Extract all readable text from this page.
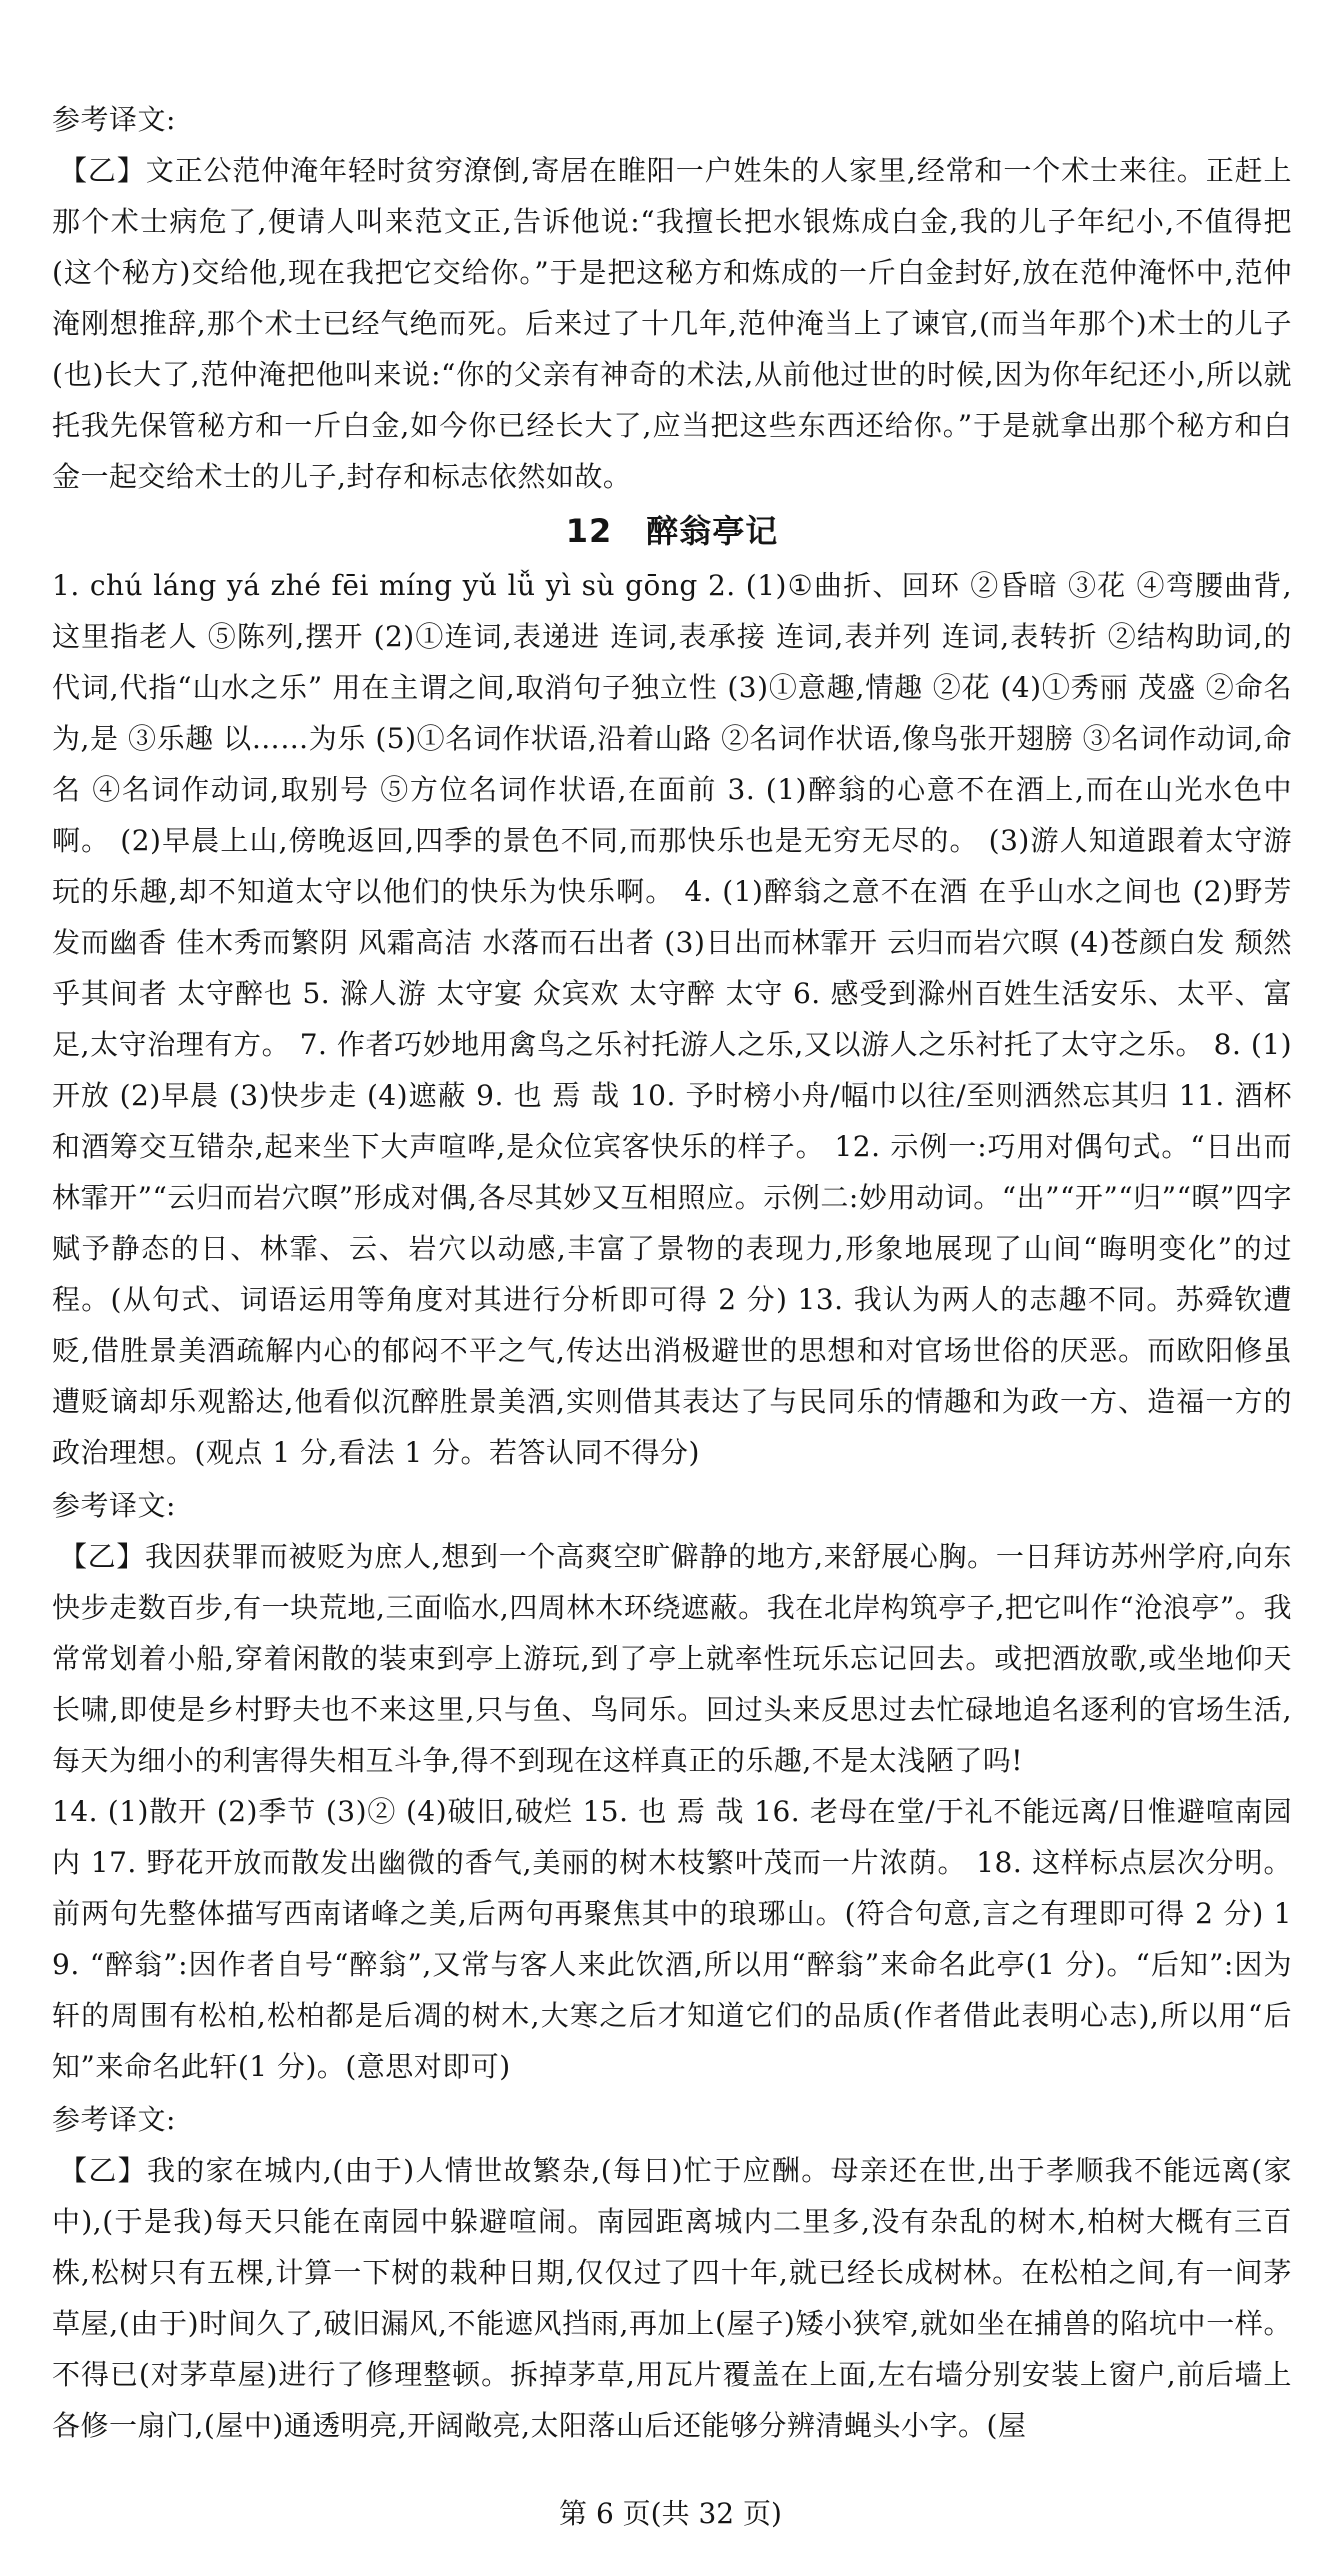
参考译文:

【乙】文正公范仲淹年轻时贫穷潦倒,寄居在睢阳一户姓朱的人家里,经常和一个术士来往。正赶上那个术士病危了,便请人叫来范文正,告诉他说:“我擅长把水银炼成白金,我的儿子年纪小,不值得把(这个秘方)交给他,现在我把它交给你。”于是把这秘方和炼成的一斤白金封好,放在范仲淹怀中,范仲淹刚想推辞,那个术士已经气绝而死。后来过了十几年,范仲淹当上了谏官,(而当年那个)术士的儿子(也)长大了,范仲淹把他叫来说:“你的父亲有神奇的术法,从前他过世的时候,因为你年纪还小,所以就托我先保管秘方和一斤白金,如今你已经长大了,应当把这些东西还给你。”于是就拿出那个秘方和白金一起交给术士的儿子,封存和标志依然如故。

12 醉翁亭记

1. chú láng yá zhé fēi míng yǔ lǚ yì sù gōng 2. (1)①曲折、回环 ②昏暗 ③花 ④弯腰曲背,这里指老人 ⑤陈列,摆开 (2)①连词,表递进 连词,表承接 连词,表并列 连词,表转折 ②结构助词,的 代词,代指“山水之乐” 用在主谓之间,取消句子独立性 (3)①意趣,情趣 ②花 (4)①秀丽 茂盛 ②命名为,是 ③乐趣 以……为乐 (5)①名词作状语,沿着山路 ②名词作状语,像鸟张开翅膀 ③名词作动词,命名 ④名词作动词,取别号 ⑤方位名词作状语,在面前 3. (1)醉翁的心意不在酒上,而在山光水色中啊。 (2)早晨上山,傍晚返回,四季的景色不同,而那快乐也是无穷无尽的。 (3)游人知道跟着太守游玩的乐趣,却不知道太守以他们的快乐为快乐啊。 4. (1)醉翁之意不在酒 在乎山水之间也 (2)野芳发而幽香 佳木秀而繁阴 风霜高洁 水落而石出者 (3)日出而林霏开 云归而岩穴暝 (4)苍颜白发 颓然乎其间者 太守醉也 5. 滁人游 太守宴 众宾欢 太守醉 太守 6. 感受到滁州百姓生活安乐、太平、富足,太守治理有方。 7. 作者巧妙地用禽鸟之乐衬托游人之乐,又以游人之乐衬托了太守之乐。 8. (1)开放 (2)早晨 (3)快步走 (4)遮蔽 9. 也 焉 哉 10. 予时榜小舟/幅巾以往/至则洒然忘其归 11. 酒杯和酒筹交互错杂,起来坐下大声喧哗,是众位宾客快乐的样子。 12. 示例一:巧用对偶句式。“日出而林霏开”“云归而岩穴暝”形成对偶,各尽其妙又互相照应。示例二:妙用动词。“出”“开”“归”“暝”四字赋予静态的日、林霏、云、岩穴以动感,丰富了景物的表现力,形象地展现了山间“晦明变化”的过程。(从句式、词语运用等角度对其进行分析即可得 2 分) 13. 我认为两人的志趣不同。苏舜钦遭贬,借胜景美酒疏解内心的郁闷不平之气,传达出消极避世的思想和对官场世俗的厌恶。而欧阳修虽遭贬谪却乐观豁达,他看似沉醉胜景美酒,实则借其表达了与民同乐的情趣和为政一方、造福一方的政治理想。(观点 1 分,看法 1 分。若答认同不得分)

参考译文:

【乙】我因获罪而被贬为庶人,想到一个高爽空旷僻静的地方,来舒展心胸。一日拜访苏州学府,向东快步走数百步,有一块荒地,三面临水,四周林木环绕遮蔽。我在北岸构筑亭子,把它叫作“沧浪亭”。我常常划着小船,穿着闲散的装束到亭上游玩,到了亭上就率性玩乐忘记回去。或把酒放歌,或坐地仰天长啸,即使是乡村野夫也不来这里,只与鱼、鸟同乐。回过头来反思过去忙碌地追名逐利的官场生活,每天为细小的利害得失相互斗争,得不到现在这样真正的乐趣,不是太浅陋了吗!

14. (1)散开 (2)季节 (3)② (4)破旧,破烂 15. 也 焉 哉 16. 老母在堂/于礼不能远离/日惟避喧南园内 17. 野花开放而散发出幽微的香气,美丽的树木枝繁叶茂而一片浓荫。 18. 这样标点层次分明。前两句先整体描写西南诸峰之美,后两句再聚焦其中的琅琊山。(符合句意,言之有理即可得 2 分) 19. “醉翁”:因作者自号“醉翁”,又常与客人来此饮酒,所以用“醉翁”来命名此亭(1 分)。“后知”:因为轩的周围有松柏,松柏都是后凋的树木,大寒之后才知道它们的品质(作者借此表明心志),所以用“后知”来命名此轩(1 分)。(意思对即可)

参考译文:

【乙】我的家在城内,(由于)人情世故繁杂,(每日)忙于应酬。母亲还在世,出于孝顺我不能远离(家中),(于是我)每天只能在南园中躲避喧闹。南园距离城内二里多,没有杂乱的树木,柏树大概有三百株,松树只有五棵,计算一下树的栽种日期,仅仅过了四十年,就已经长成树林。在松柏之间,有一间茅草屋,(由于)时间久了,破旧漏风,不能遮风挡雨,再加上(屋子)矮小狭窄,就如坐在捕兽的陷坑中一样。不得已(对茅草屋)进行了修理整顿。拆掉茅草,用瓦片覆盖在上面,左右墙分别安装上窗户,前后墙上各修一扇门,(屋中)通透明亮,开阔敞亮,太阳落山后还能够分辨清蝇头小字。(屋

第 6 页(共 32 页)
